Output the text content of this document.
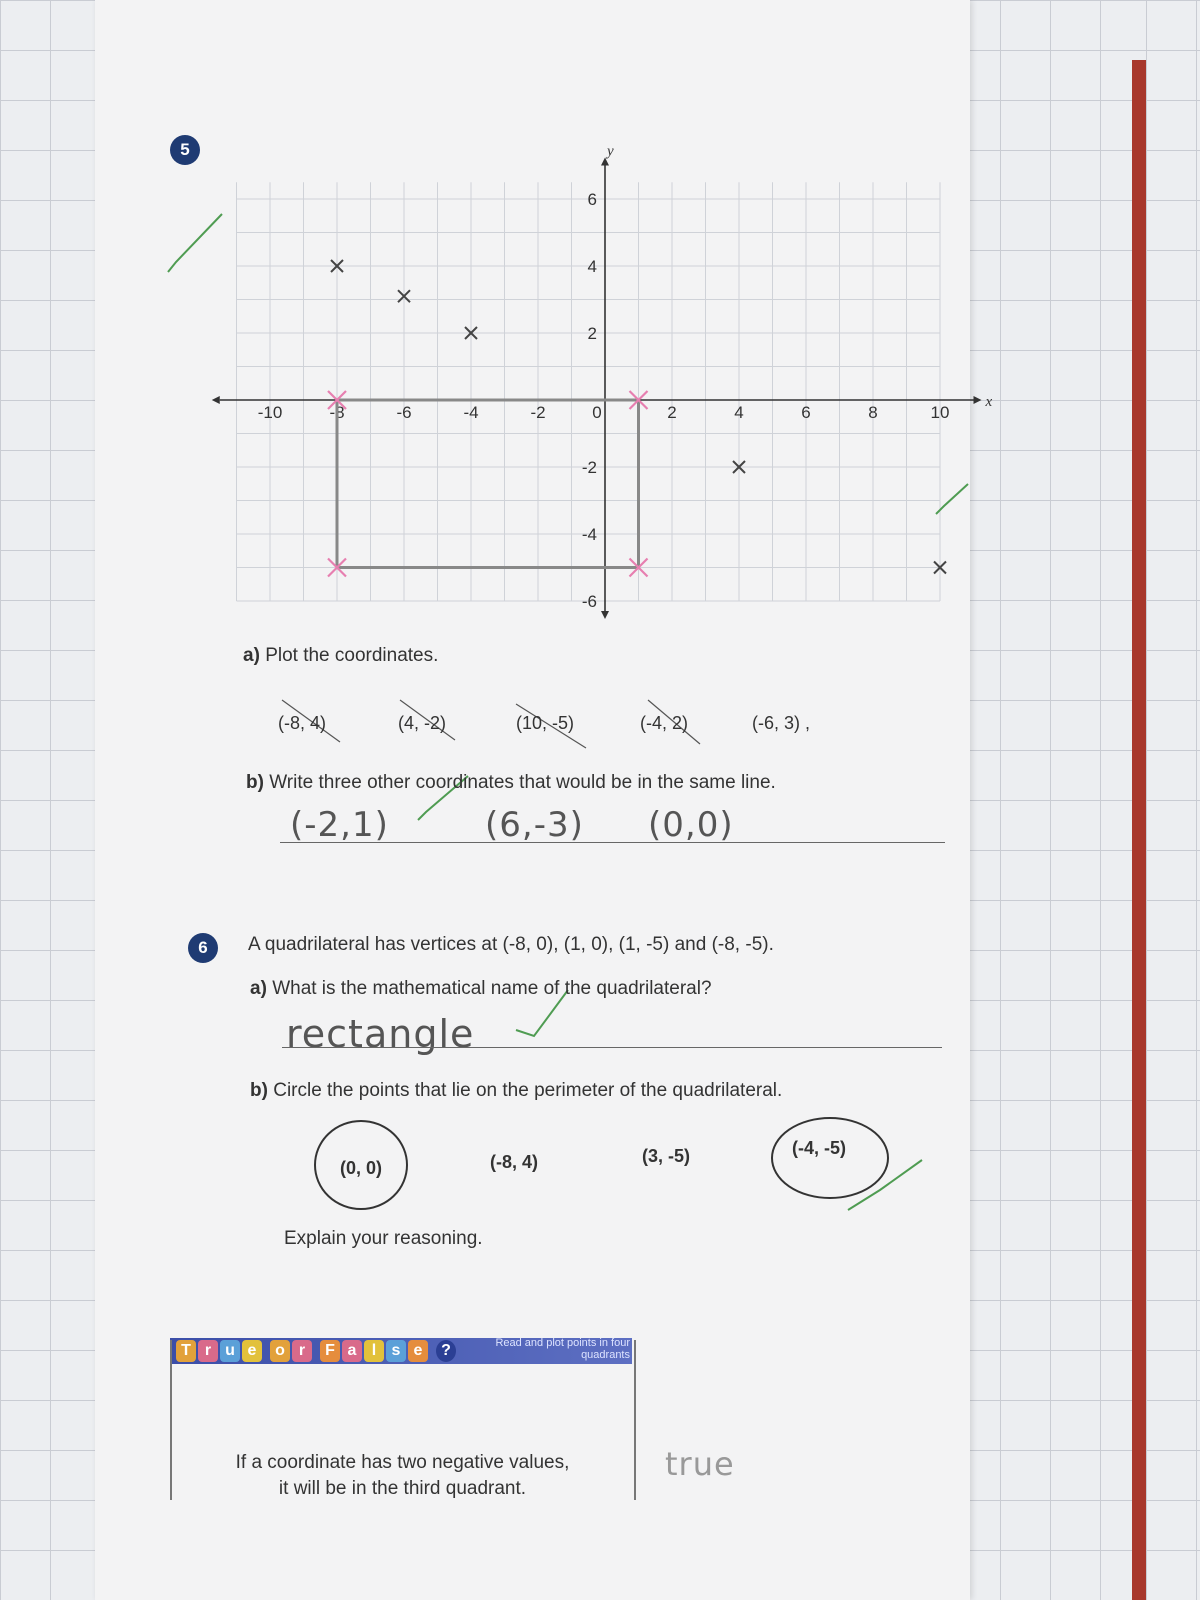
5
-10	-8	-6	-4	-2	0	2	4	6	8	10
6
4
2
-2
-4
-6
x
y
a) Plot the coordinates.
(-8, 4)	(4, -2)	(10, -5)	(-4, 2)	(-6, 3) ,
b) Write three other coordinates that would be in the same line.
(-2,1)	(6,-3) (0,0)
6	A quadrilateral has vertices at (-8, 0), (1, 0), (1, -5) and (-8, -5).
a) What is the mathematical name of the quadrilateral?
rectangle
b) Circle the points that lie on the perimeter of the quadrilateral.
(0, 0)	(-8, 4)	(3, -5)	(-4, -5)
Explain your reasoning.
T r u e	o r	F a l s e	?	Read and plot points in four quadrants
If a coordinate has two negative values,
it will be in the third quadrant.
true
